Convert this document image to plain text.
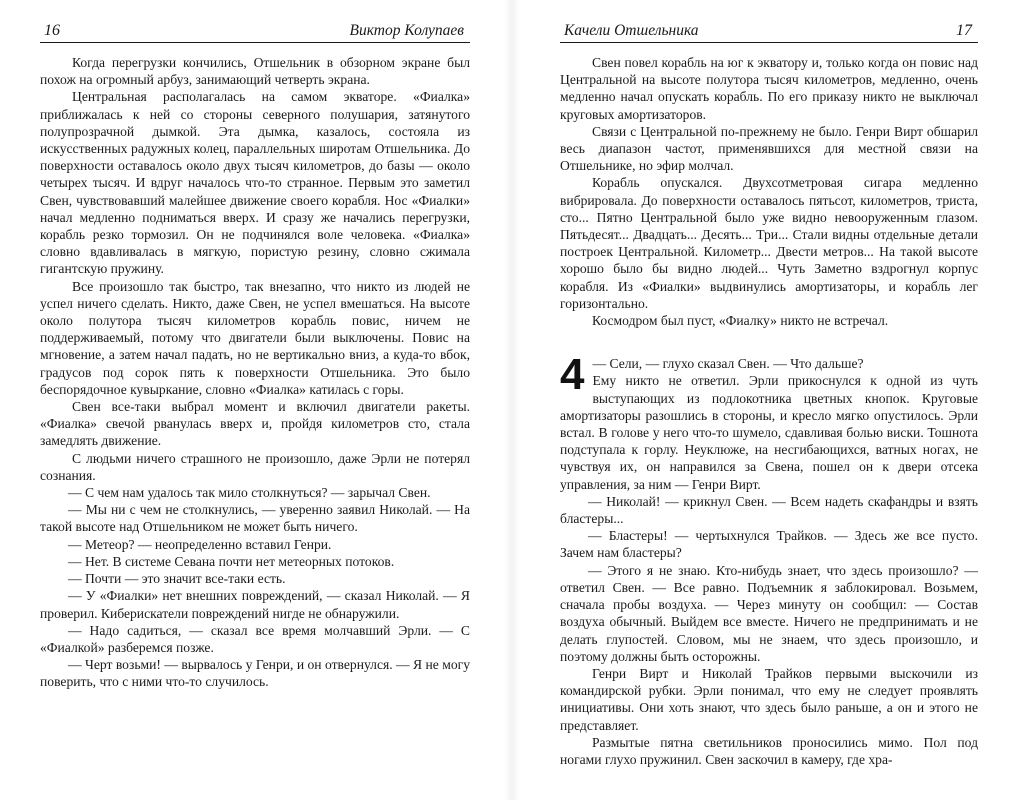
16	Виктор Колупаев

Когда перегрузки кончились, Отшельник в обзорном экране был похож на огромный арбуз, занимающий четверть экрана.

Центральная располагалась на самом экваторе. «Фиалка» приближалась к ней со стороны северного полушария, затянутого полупрозрачной дымкой. Эта дымка, казалось, состояла из искусственных радужных колец, параллельных широтам Отшельника. До поверхности оставалось около двух тысяч километров, до базы — около четырех тысяч. И вдруг началось что-то странное. Первым это заметил Свен, чувствовавший малейшее движение своего корабля. Нос «Фиалки» начал медленно подниматься вверх. И сразу же начались перегрузки, корабль резко тормозил. Он не подчинялся воле человека. «Фиалка» словно вдавливалась в мягкую, пористую резину, словно сжимала гигантскую пружину.

Все произошло так быстро, так внезапно, что никто из людей не успел ничего сделать. Никто, даже Свен, не успел вмешаться. На высоте около полутора тысяч километров корабль повис, ничем не поддерживаемый, потому что двигатели были выключены. Повис на мгновение, а затем начал падать, но не вертикально вниз, а куда-то вбок, градусов под сорок пять к поверхности Отшельника. Это было беспорядочное кувыркание, словно «Фиалка» катилась с горы.

Свен все-таки выбрал момент и включил двигатели ракеты. «Фиалка» свечой рванулась вверх и, пройдя километров сто, стала замедлять движение.

С людьми ничего страшного не произошло, даже Эрли не потерял сознания.

— С чем нам удалось так мило столкнуться? — зарычал Свен.

— Мы ни с чем не столкнулись, — уверенно заявил Николай. — На такой высоте над Отшельником не может быть ничего.

— Метеор? — неопределенно вставил Генри.

— Нет. В системе Севана почти нет метеорных потоков.

— Почти — это значит все-таки есть.

— У «Фиалки» нет внешних повреждений, — сказал Николай. — Я проверил. Киберискатели повреждений нигде не обнаружили.

— Надо садиться, — сказал все время молчавший Эрли. — С «Фиалкой» разберемся позже.

— Черт возьми! — вырвалось у Генри, и он отвернулся. — Я не могу поверить, что с ними что-то случилось.

Качели Отшельника	17

Свен повел корабль на юг к экватору и, только когда он повис над Центральной на высоте полутора тысяч километров, медленно, очень медленно начал опускать корабль. По его приказу никто не выключал круговых амортизаторов.

Связи с Центральной по-прежнему не было. Генри Вирт обшарил весь диапазон частот, применявшихся для местной связи на Отшельнике, но эфир молчал.

Корабль опускался. Двухсотметровая сигара медленно вибрировала. До поверхности оставалось пятьсот, километров, триста, сто... Пятно Центральной было уже видно невооруженным глазом. Пятьдесят... Двадцать... Десять... Три... Стали видны отдельные детали построек Центральной. Километр... Двести метров... На такой высоте хорошо было бы видно людей... Чуть Заметно вздрогнул корпус корабля. Из «Фиалки» выдвинулись амортизаторы, и корабль лег горизонтально.

Космодром был пуст, «Фиалку» никто не встречал.

4 — Сели, — глухо сказал Свен. — Что дальше?

Ему никто не ответил. Эрли прикоснулся к одной из чуть выступающих из подлокотника цветных кнопок. Круговые амортизаторы разошлись в стороны, и кресло мягко опустилось. Эрли встал. В голове у него что-то шумело, сдавливая болью виски. Тошнота подступала к горлу. Неуклюже, на несгибающихся, ватных ногах, не чувствуя их, он направился за Свена, пошел он к двери отсека управления, за ним — Генри Вирт.

— Николай! — крикнул Свен. — Всем надеть скафандры и взять бластеры...

— Бластеры! — чертыхнулся Трайков. — Здесь же все пусто. Зачем нам бластеры?

— Этого я не знаю. Кто-нибудь знает, что здесь произошло? — ответил Свен. — Все равно. Подъемник я заблокировал. Возьмем, сначала пробы воздуха. — Через минуту он сообщил: — Состав воздуха обычный. Выйдем все вместе. Ничего не предпринимать и не делать глупостей. Словом, мы не знаем, что здесь произошло, и поэтому должны быть осторожны.

Генри Вирт и Николай Трайков первыми выскочили из командирской рубки. Эрли понимал, что ему не следует проявлять инициативы. Они хоть знают, что здесь было раньше, а он и этого не представляет.

Размытые пятна светильников проносились мимо. Пол под ногами глухо пружинил. Свен заскочил в камеру, где хра-
